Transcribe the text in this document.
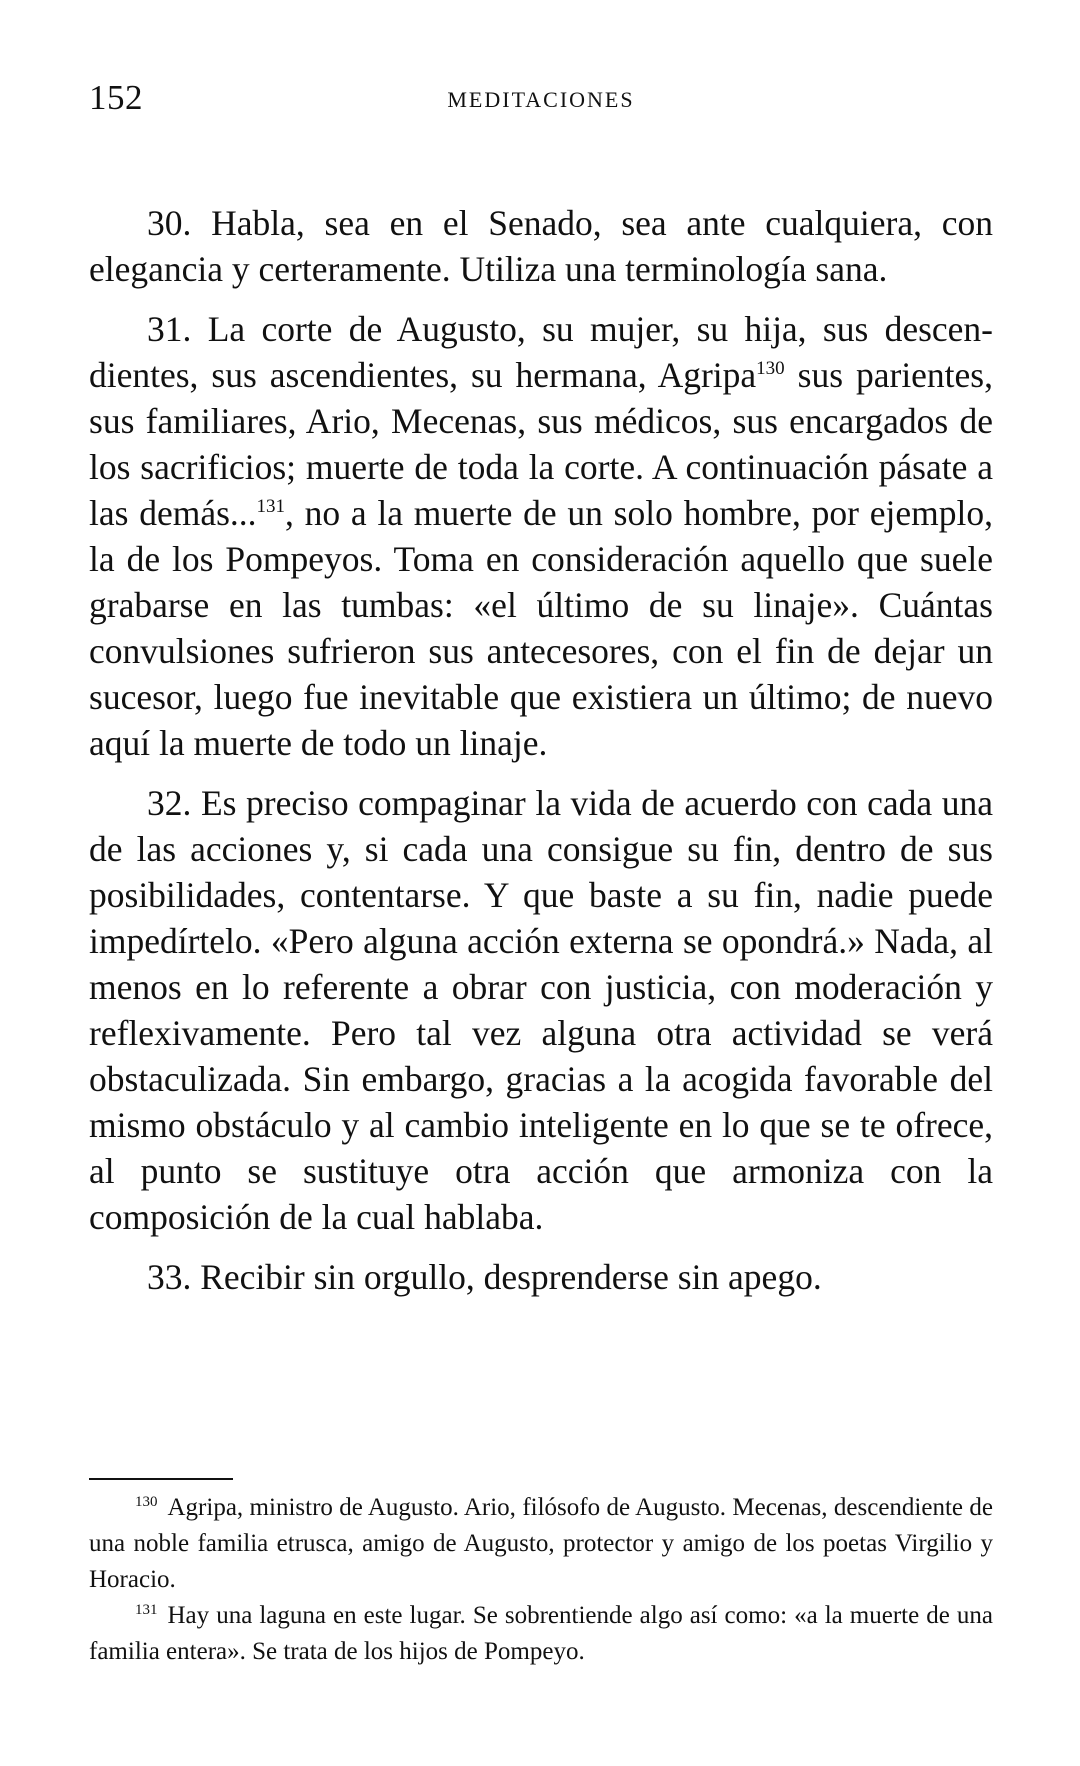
152	MEDITACIONES

30. Habla, sea en el Senado, sea ante cualquiera, con elegancia y certeramente. Utiliza una terminología sana.

31. La corte de Augusto, su mujer, su hija, sus descendientes, sus ascendientes, su hermana, Agripa$^{130}$ sus parientes, sus familiares, Ario, Mecenas, sus médicos, sus encargados de los sacrificios; muerte de toda la corte. A continuación pásate a las demás...$^{131}$, no a la muerte de un solo hombre, por ejemplo, la de los Pompeyos. Toma en consideración aquello que suele grabarse en las tumbas: «el último de su linaje». Cuántas convulsiones sufrieron sus antecesores, con el fin de dejar un sucesor, luego fue inevitable que existiera un último; de nuevo aquí la muerte de todo un linaje.

32. Es preciso compaginar la vida de acuerdo con cada una de las acciones y, si cada una consigue su fin, dentro de sus posibilidades, contentarse. Y que baste a su fin, nadie puede impedírtelo. «Pero alguna acción externa se opondrá.» Nada, al menos en lo referente a obrar con justicia, con moderación y reflexivamente. Pero tal vez alguna otra actividad se verá obstaculizada. Sin embargo, gracias a la acogida favorable del mismo obstáculo y al cambio inteligente en lo que se te ofrece, al punto se sustituye otra acción que armoniza con la composición de la cual hablaba.

33. Recibir sin orgullo, desprenderse sin apego.

$^{130}$ Agripa, ministro de Augusto. Ario, filósofo de Augusto. Mecenas, descendiente de una noble familia etrusca, amigo de Augusto, protector y amigo de los poetas Virgilio y Horacio.

$^{131}$ Hay una laguna en este lugar. Se sobrentiende algo así como: «a la muerte de una familia entera». Se trata de los hijos de Pompeyo.
